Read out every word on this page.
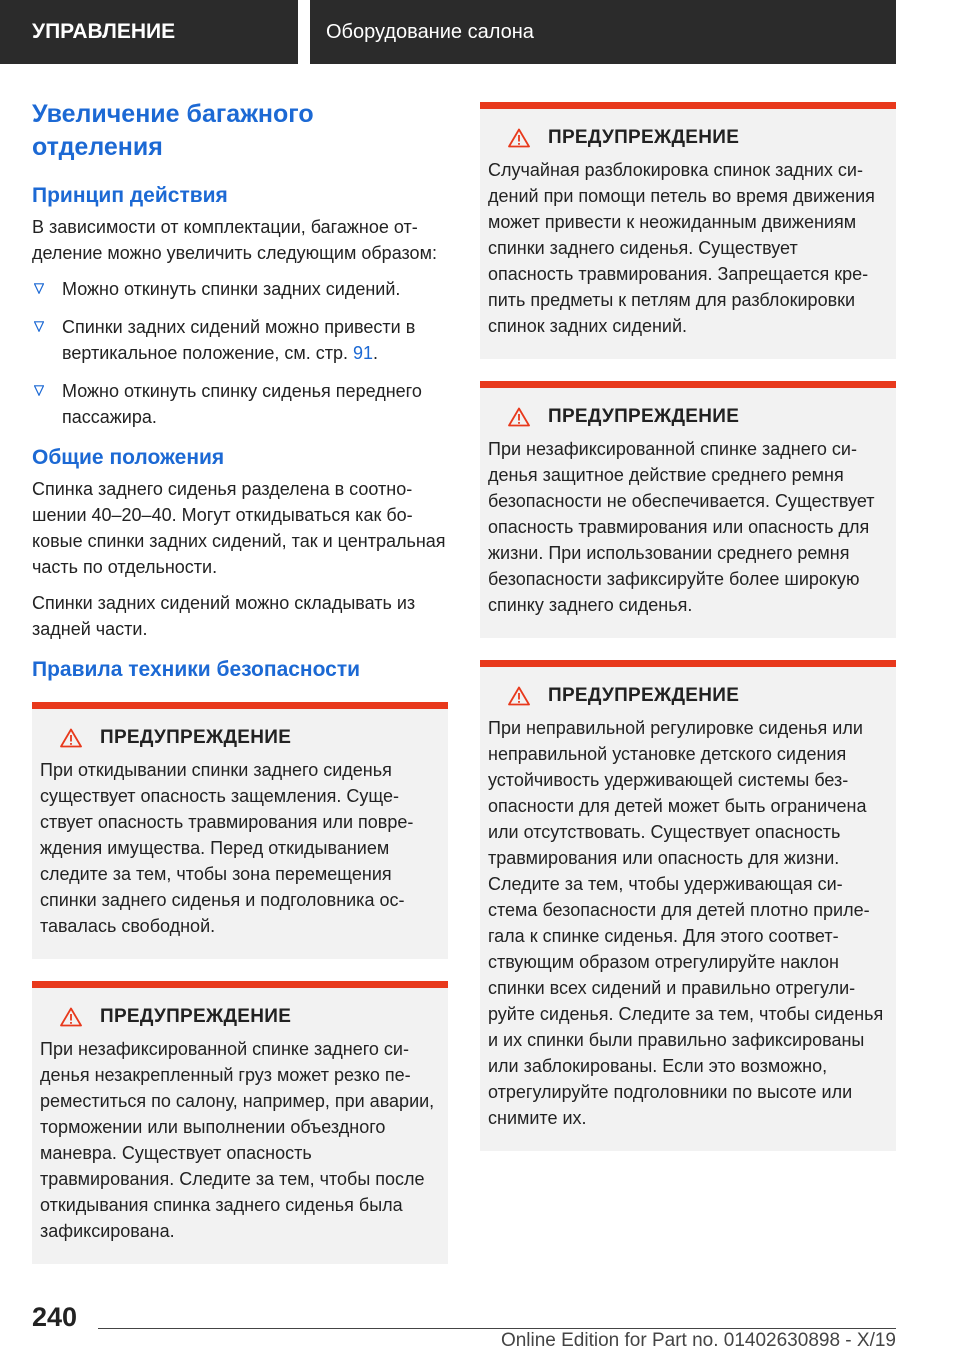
УПРАВЛЕНИЕ	Оборудование салона
Увеличение багажного отделения
Принцип действия

В зависимости от комплектации, багажное отделение можно увеличить следующим образом:

Можно откинуть спинки задних сидений.
Спинки задних сидений можно привести в вертикальное положение, см. стр. 91.
Можно откинуть спинку сиденья переднего пассажира.
Общие положения

Спинка заднего сиденья разделена в соотношении 40–20–40. Могут откидываться как боковые спинки задних сидений, так и центральная часть по отдельности.

Спинки задних сидений можно складывать из задней части.

Правила техники безопасности
ПРЕДУПРЕЖДЕНИЕ

При откидывании спинки заднего сиденья существует опасность защемления. Существует опасность травмирования или повреждения имущества. Перед откидыванием следите за тем, чтобы зона перемещения спинки заднего сиденья и подголовника оставалась свободной.

ПРЕДУПРЕЖДЕНИЕ

При незафиксированной спинке заднего сиденья незакрепленный груз может резко переместиться по салону, например, при аварии, торможении или выполнении объездного маневра. Существует опасность травмирования. Следите за тем, чтобы после откидывания спинка заднего сиденья была зафиксирована.

ПРЕДУПРЕЖДЕНИЕ

Случайная разблокировка спинок задних сидений при помощи петель во время движения может привести к неожиданным движениям спинки заднего сиденья. Существует опасность травмирования. Запрещается крепить предметы к петлям для разблокировки спинок задних сидений.

ПРЕДУПРЕЖДЕНИЕ

При незафиксированной спинке заднего сиденья защитное действие среднего ремня безопасности не обеспечивается. Существует опасность травмирования или опасность для жизни. При использовании среднего ремня безопасности зафиксируйте более широкую спинку заднего сиденья.

ПРЕДУПРЕЖДЕНИЕ

При неправильной регулировке сиденья или неправильной установке детского сидения устойчивость удерживающей системы безопасности для детей может быть ограничена или отсутствовать. Существует опасность травмирования или опасность для жизни. Следите за тем, чтобы удерживающая система безопасности для детей плотно прилегала к спинке сиденья. Для этого соответствующим образом отрегулируйте наклон спинки всех сидений и правильно отрегулируйте сиденья. Следите за тем, чтобы сиденья и их спинки были правильно зафиксированы или заблокированы. Если это возможно, отрегулируйте подголовники по высоте или снимите их.

240
Online Edition for Part no. 01402630898 - X/19
